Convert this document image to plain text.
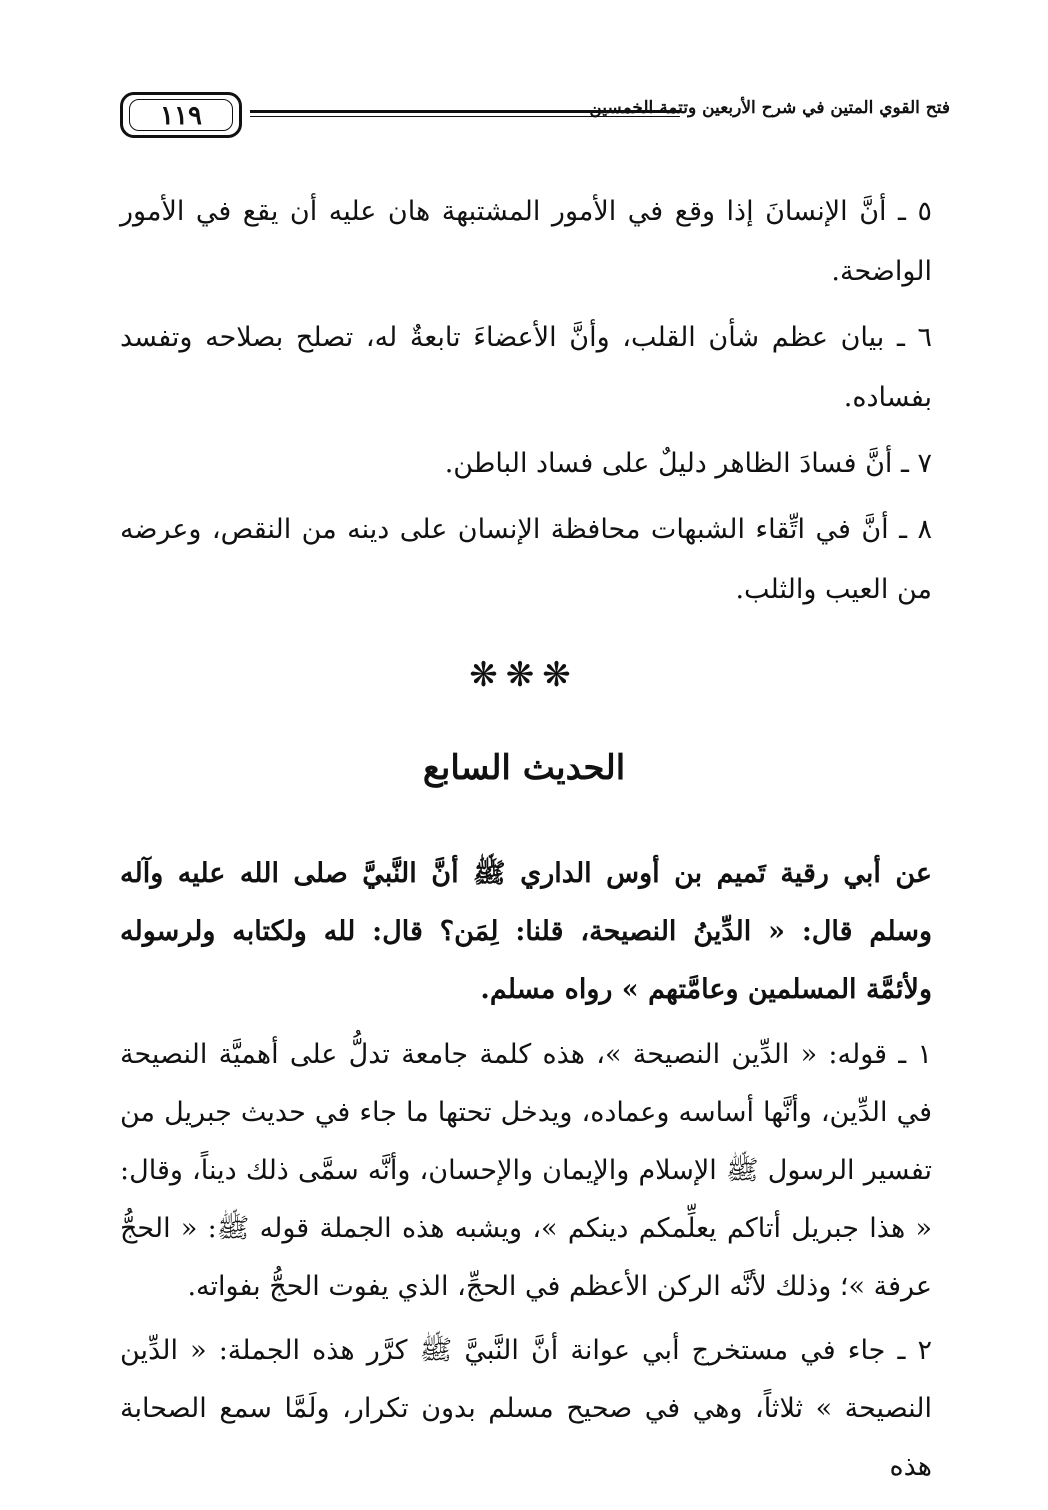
١١٩	فتح القوي المتين في شرح الأربعين وتتمة الخمسين

٥ ـ أنَّ الإنسانَ إذا وقع في الأمور المشتبهة هان عليه أن يقع في الأمور الواضحة.

٦ ـ بيان عظم شأن القلب، وأنَّ الأعضاءَ تابعةٌ له، تصلح بصلاحه وتفسد بفساده.

٧ ـ أنَّ فسادَ الظاهر دليلٌ على فساد الباطن.

٨ ـ أنَّ في اتِّقاء الشبهات محافظة الإنسان على دينه من النقص، وعرضه من العيب والثلب.

❋❋❋
الحديث السابع

عن أبي رقية تَميم بن أوس الداري ﷺ أنَّ النَّبيَّ صلى الله عليه وآله وسلم قال: « الدِّينُ النصيحة، قلنا: لِمَن؟ قال: لله ولكتابه ولرسوله ولأئمَّة المسلمين وعامَّتهم » رواه مسلم.

١ ـ قوله: « الدِّين النصيحة »، هذه كلمة جامعة تدلُّ على أهميَّة النصيحة في الدِّين، وأنَّها أساسه وعماده، ويدخل تحتها ما جاء في حديث جبريل من تفسير الرسول ﷺ الإسلام والإيمان والإحسان، وأنَّه سمَّى ذلك ديناً، وقال: « هذا جبريل أتاكم يعلِّمكم دينكم »، ويشبه هذه الجملة قوله ﷺ: « الحجُّ عرفة »؛ وذلك لأنَّه الركن الأعظم في الحجِّ، الذي يفوت الحجُّ بفواته.

٢ ـ جاء في مستخرج أبي عوانة أنَّ النَّبيَّ ﷺ كرَّر هذه الجملة: « الدِّين النصيحة » ثلاثاً، وهي في صحيح مسلم بدون تكرار، ولَمَّا سمع الصحابة هذه
